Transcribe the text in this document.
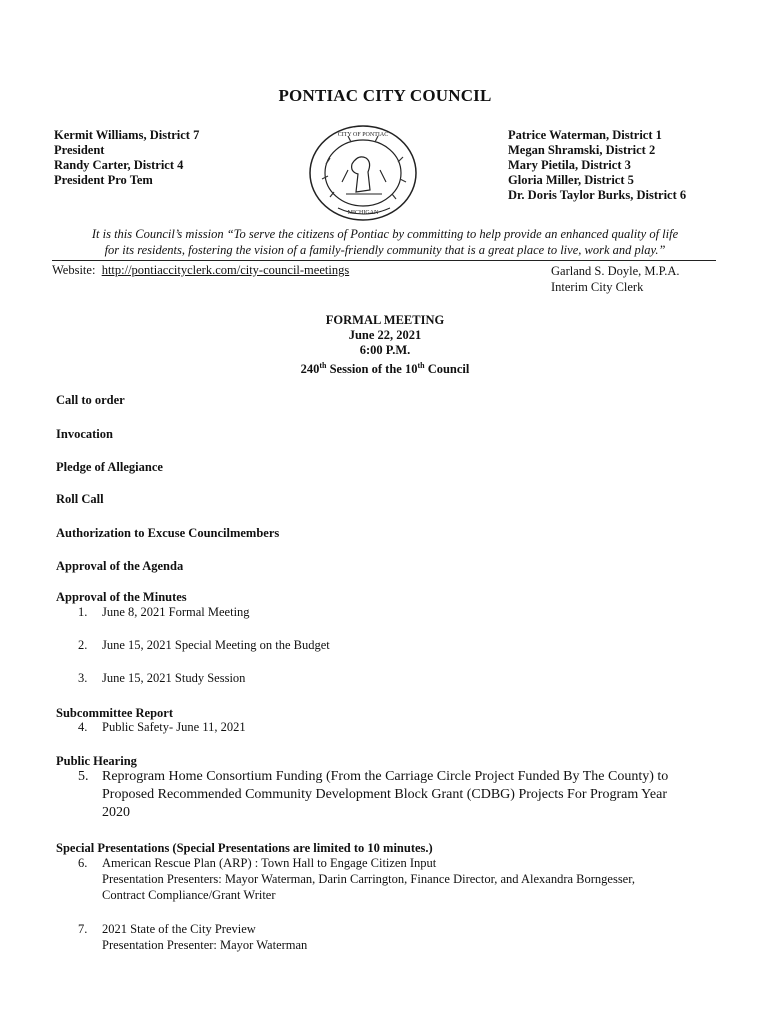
PONTIAC CITY COUNCIL
Kermit Williams, District 7
President
Randy Carter, District 4
President Pro Tem
MICHIGAN
CITY OF PONTIAC	Patrice Waterman, District 1
Megan Shramski, District 2
Mary Pietila, District 3
Gloria Miller, District 5
Dr. Doris Taylor Burks, District 6
It is this Council’s mission “To serve the citizens of Pontiac by committing to help provide an enhanced quality of life
for its residents, fostering the vision of a family-friendly community that is a great place to live, work and play.”
Website: http://pontiaccityclerk.com/city-council-meetings	Garland S. Doyle, M.P.A.
Interim City Clerk
FORMAL MEETING
June 22, 2021
6:00 P.M.
240th Session of the 10th Council
Call to order
Invocation
Pledge of Allegiance
Roll Call
Authorization to Excuse Councilmembers
Approval of the Agenda
Approval of the Minutes
1. June 8, 2021 Formal Meeting
2. June 15, 2021 Special Meeting on the Budget
3. June 15, 2021 Study Session
Subcommittee Report
4. Public Safety- June 11, 2021
Public Hearing
5. Reprogram Home Consortium Funding (From the Carriage Circle Project Funded By The County) to
Proposed Recommended Community Development Block Grant (CDBG) Projects For Program Year
2020
Special Presentations (Special Presentations are limited to 10 minutes.)
6. American Rescue Plan (ARP) : Town Hall to Engage Citizen Input
Presentation Presenters: Mayor Waterman, Darin Carrington, Finance Director, and Alexandra Borngesser,
Contract Compliance/Grant Writer
7. 2021 State of the City Preview
Presentation Presenter: Mayor Waterman
